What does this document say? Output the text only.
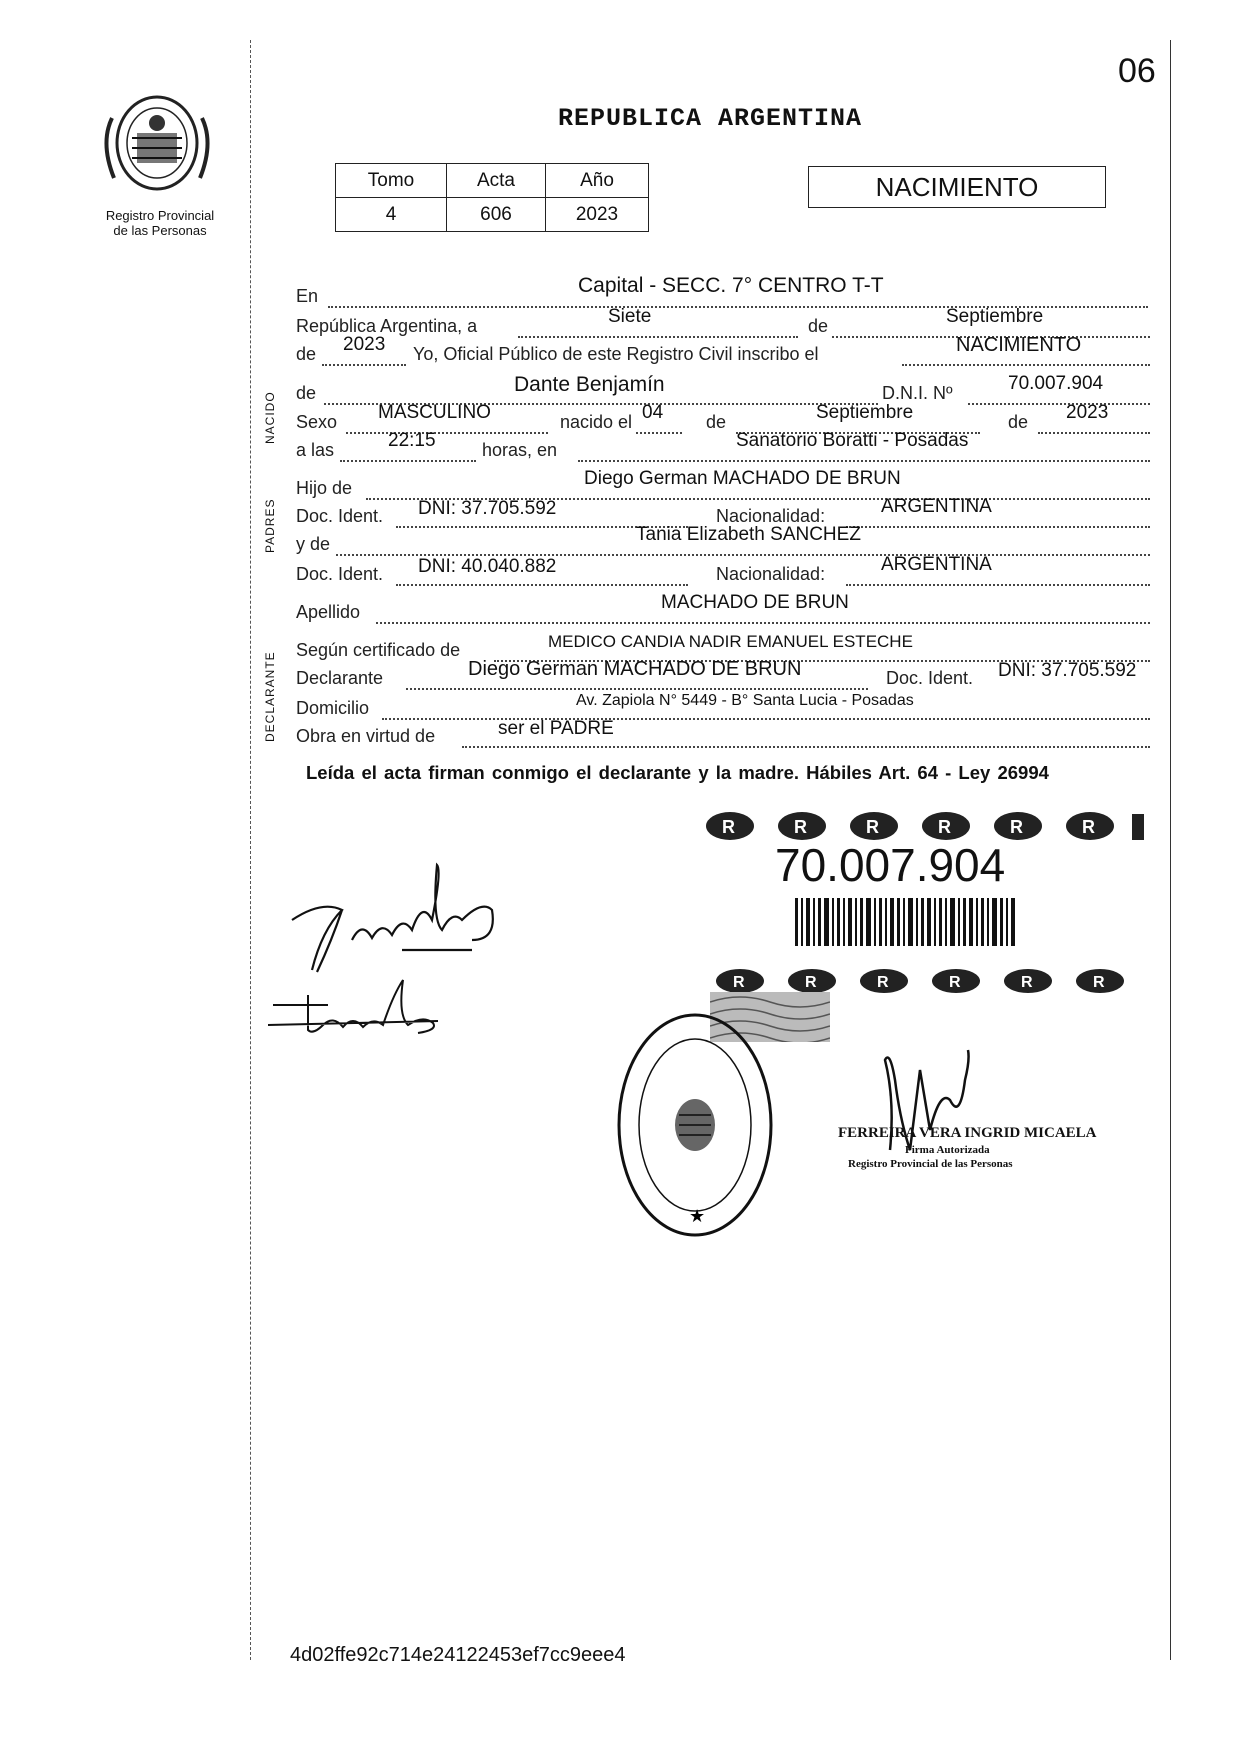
06
Registro Provincial
de las Personas
REPUBLICA ARGENTINA
Tomo	Acta	Año
4	606	2023
NACIMIENTO
NACIDO
PADRES
DECLARANTE
En	Capital - SECC. 7° CENTRO T-T
República Argentina, a	Siete	de	Septiembre
de 2023 Yo, Oficial Público de este Registro Civil inscribo el	NACIMIENTO
de	Dante Benjamín	D.N.I. Nº	70.007.904
Sexo MASCULINO	nacido el 04 de	Septiembre	de 2023
a las	22:15	horas, en	Sanatorio Boratti - Posadas
Hijo de	Diego German MACHADO DE BRUN
Doc. Ident. DNI: 37.705.592	Nacionalidad:	ARGENTINA
y de	Tania Elizabeth SANCHEZ
Doc. Ident. DNI: 40.040.882	Nacionalidad:	ARGENTINA
Apellido	MACHADO DE BRUN
Según certificado de	MEDICO CANDIA NADIR EMANUEL ESTECHE
Declarante	Diego German MACHADO DE BRUN	Doc. Ident. DNI: 37.705.592
Domicilio	Av. Zapiola N° 5449 - B° Santa Lucia - Posadas
Obra en virtud de	ser el PADRE
Leída el acta firman conmigo el declarante y la madre. Hábiles Art. 64 - Ley 26994
R	R	R	R	R	R
70.007.904
R	R	R	R	R	R
★
FERREIRA VERA INGRID MICAELA
Firma Autorizada
Registro Provincial de las Personas
4d02ffe92c714e24122453ef7cc9eee4
